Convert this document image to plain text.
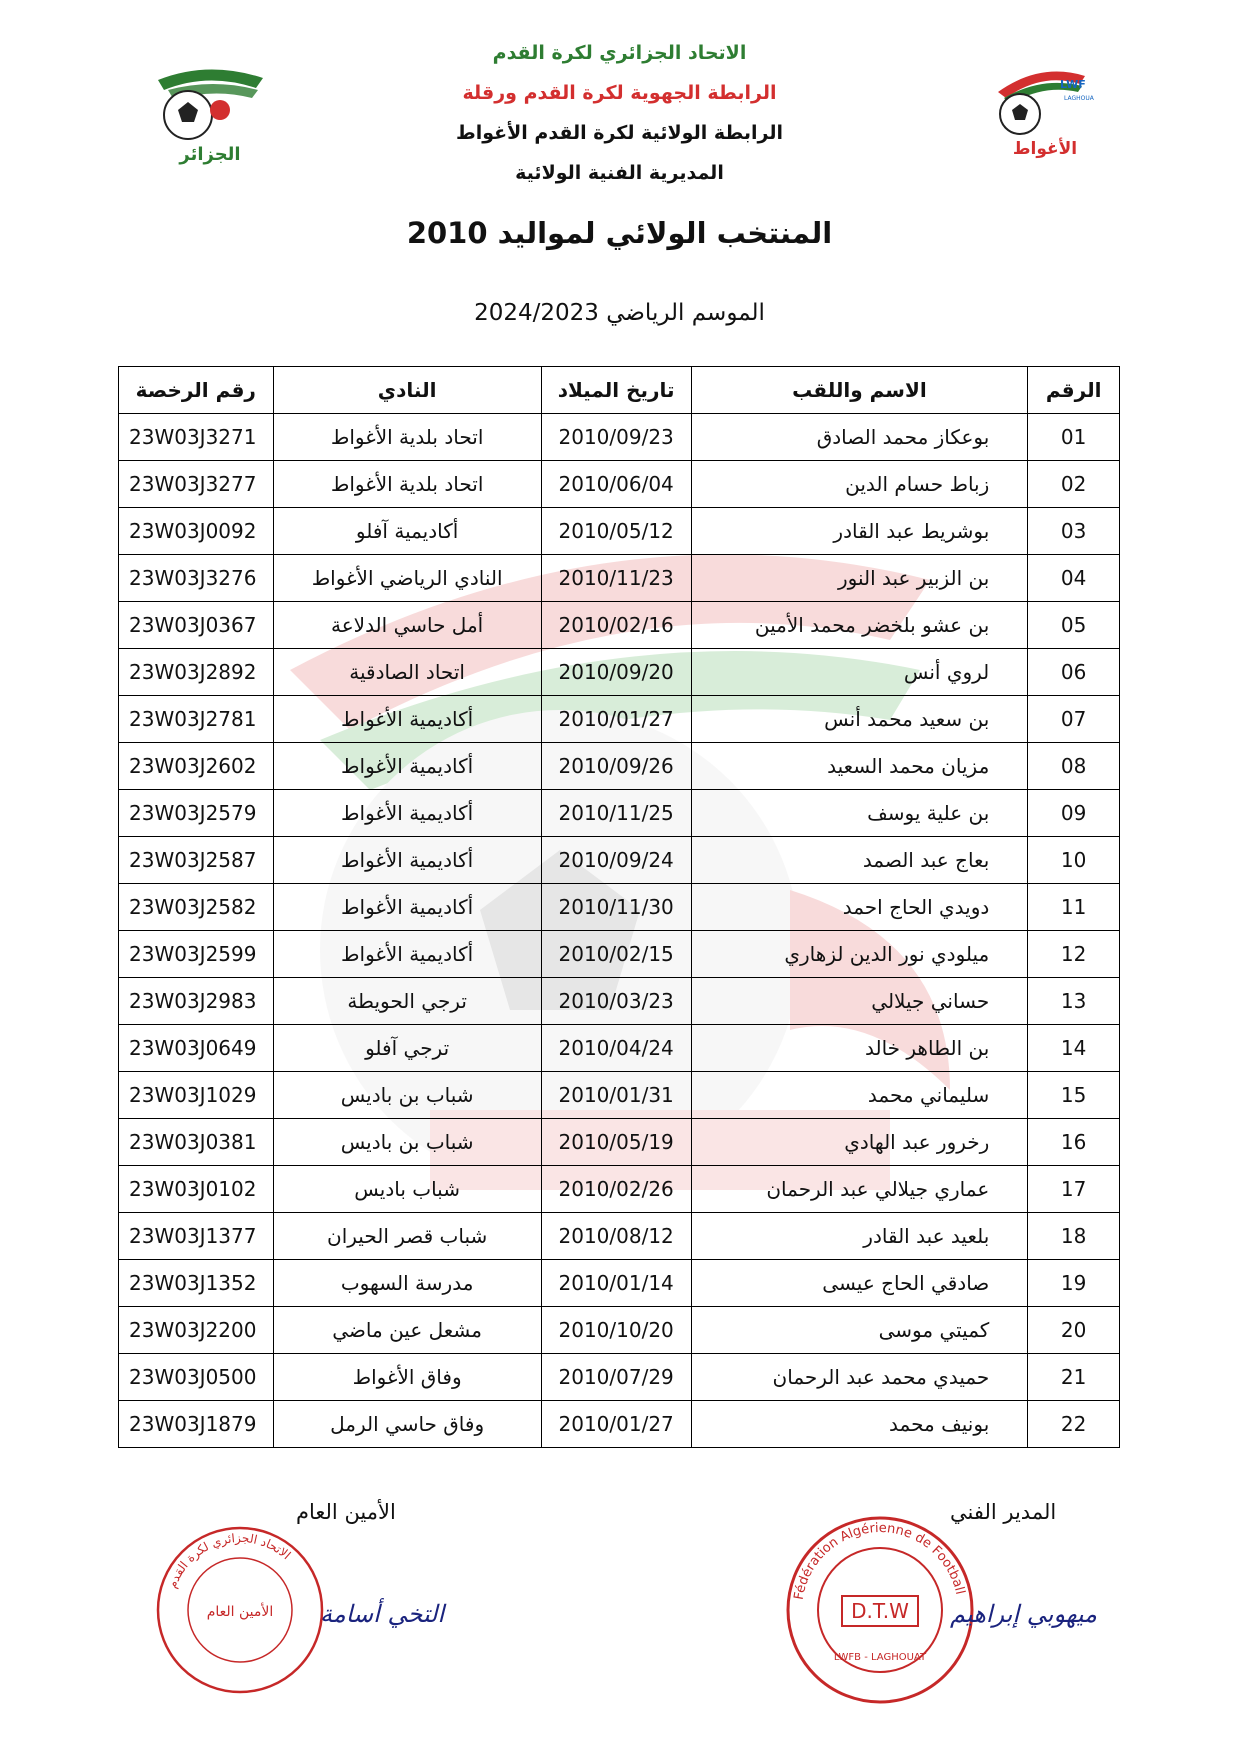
الجزائر
LWF
LAGHOUA
الأغواط
الاتحاد الجزائري لكرة القدم
الرابطة الجهوية لكرة القدم ورقلة
الرابطة الولائية لكرة القدم الأغواط
المديرية الفنية الولائية
المنتخب الولائي لمواليد 2010
الموسم الرياضي 2024/2023
الرقم	الاسم واللقب	تاريخ الميلاد	النادي	رقم الرخصة
01	بوعكاز محمد الصادق	2010/09/23	اتحاد بلدية الأغواط	23W03J3271
02	زباط حسام الدين	2010/06/04	اتحاد بلدية الأغواط	23W03J3277
03	بوشريط عبد القادر	2010/05/12	أكاديمية آفلو	23W03J0092
04	بن الزبير عبد النور	2010/11/23	النادي الرياضي الأغواط	23W03J3276
05	بن عشو بلخضر محمد الأمين	2010/02/16	أمل حاسي الدلاعة	23W03J0367
06	لروي أنس	2010/09/20	اتحاد الصادقية	23W03J2892
07	بن سعيد محمد أنس	2010/01/27	أكاديمية الأغواط	23W03J2781
08	مزيان محمد السعيد	2010/09/26	أكاديمية الأغواط	23W03J2602
09	بن علية يوسف	2010/11/25	أكاديمية الأغواط	23W03J2579
10	بعاج عبد الصمد	2010/09/24	أكاديمية الأغواط	23W03J2587
11	دويدي الحاج احمد	2010/11/30	أكاديمية الأغواط	23W03J2582
12	ميلودي نور الدين لزهاري	2010/02/15	أكاديمية الأغواط	23W03J2599
13	حساني جيلالي	2010/03/23	ترجي الحويطة	23W03J2983
14	بن الطاهر خالد	2010/04/24	ترجي آفلو	23W03J0649
15	سليماني محمد	2010/01/31	شباب بن باديس	23W03J1029
16	رخرور عبد الهادي	2010/05/19	شباب بن باديس	23W03J0381
17	عماري جيلالي عبد الرحمان	2010/02/26	شباب باديس	23W03J0102
18	بلعيد عبد القادر	2010/08/12	شباب قصر الحيران	23W03J1377
19	صادقي الحاج عيسى	2010/01/14	مدرسة السهوب	23W03J1352
20	كميتي موسى	2010/10/20	مشعل عين ماضي	23W03J2200
21	حميدي محمد عبد الرحمان	2010/07/29	وفاق الأغواط	23W03J0500
22	بونيف محمد	2010/01/27	وفاق حاسي الرمل	23W03J1879
المدير الفني
الأمين العام
Fédération Algérienne de Football
D.T.W
LWFB - LAGHOUAT
الاتحاد الجزائري لكرة القدم
الأمين العام	ميهوبي إبراهيم
التخي أسامة
